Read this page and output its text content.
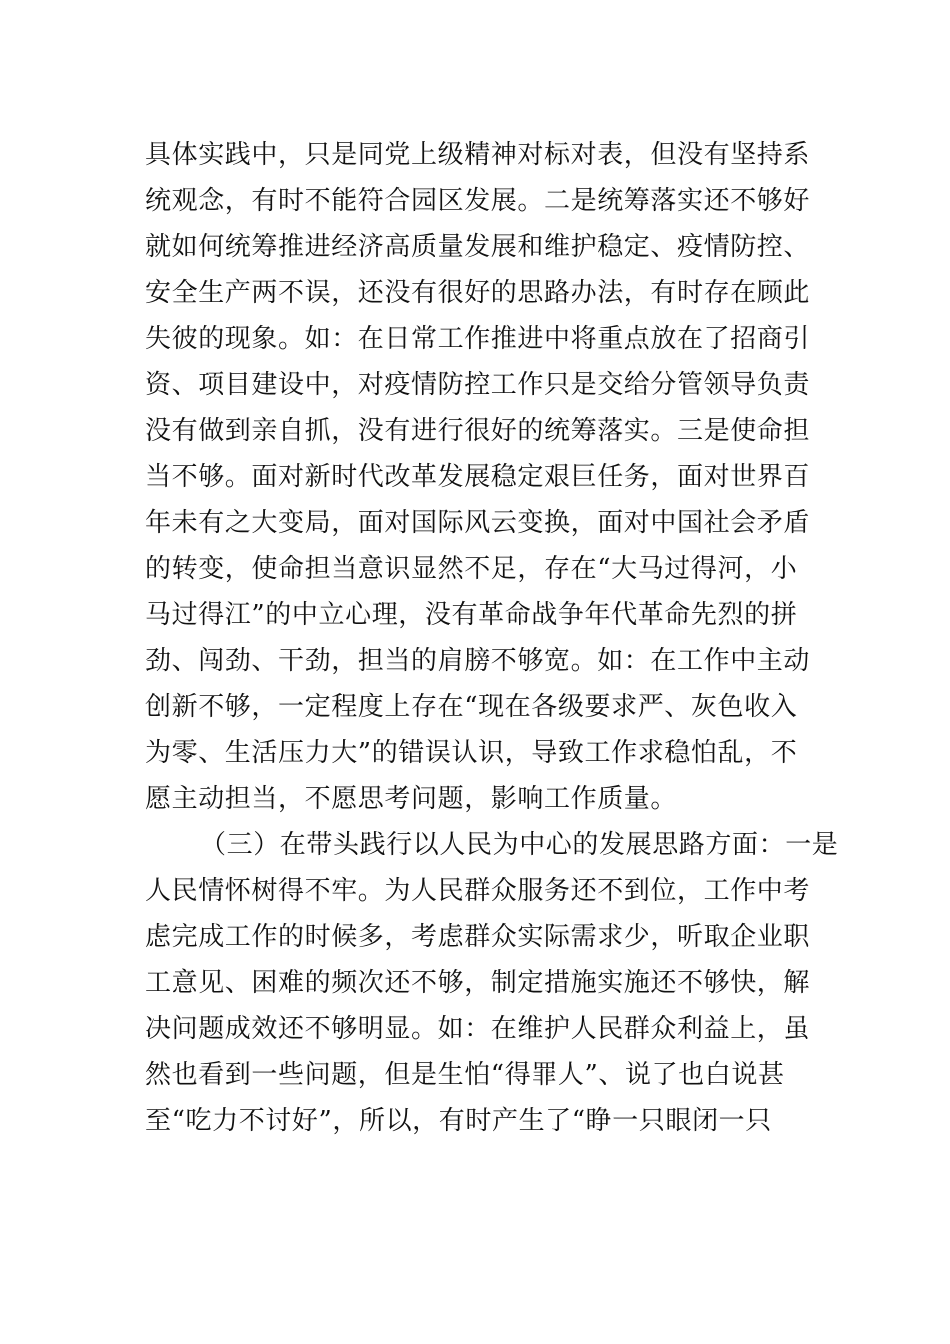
具体实践中，只是同党上级精神对标对表，但没有坚持系
统观念，有时不能符合园区发展。二是统筹落实还不够好
就如何统筹推进经济高质量发展和维护稳定、疫情防控、
安全生产两不误，还没有很好的思路办法，有时存在顾此
失彼的现象。如：在日常工作推进中将重点放在了招商引
资、项目建设中，对疫情防控工作只是交给分管领导负责
没有做到亲自抓，没有进行很好的统筹落实。三是使命担
当不够。面对新时代改革发展稳定艰巨任务，面对世界百
年未有之大变局，面对国际风云变换，面对中国社会矛盾
的转变，使命担当意识显然不足，存在“大马过得河，小
马过得江”的中立心理，没有革命战争年代革命先烈的拼
劲、闯劲、干劲，担当的肩膀不够宽。如：在工作中主动
创新不够，一定程度上存在“现在各级要求严、灰色收入
为零、生活压力大”的错误认识，导致工作求稳怕乱，不
愿主动担当，不愿思考问题，影响工作质量。
（三）在带头践行以人民为中心的发展思路方面：一是
人民情怀树得不牢。为人民群众服务还不到位，工作中考
虑完成工作的时候多，考虑群众实际需求少，听取企业职
工意见、困难的频次还不够，制定措施实施还不够快，解
决问题成效还不够明显。如：在维护人民群众利益上，虽
然也看到一些问题，但是生怕“得罪人”、说了也白说甚
至“吃力不讨好”，所以，有时产生了“睁一只眼闭一只
